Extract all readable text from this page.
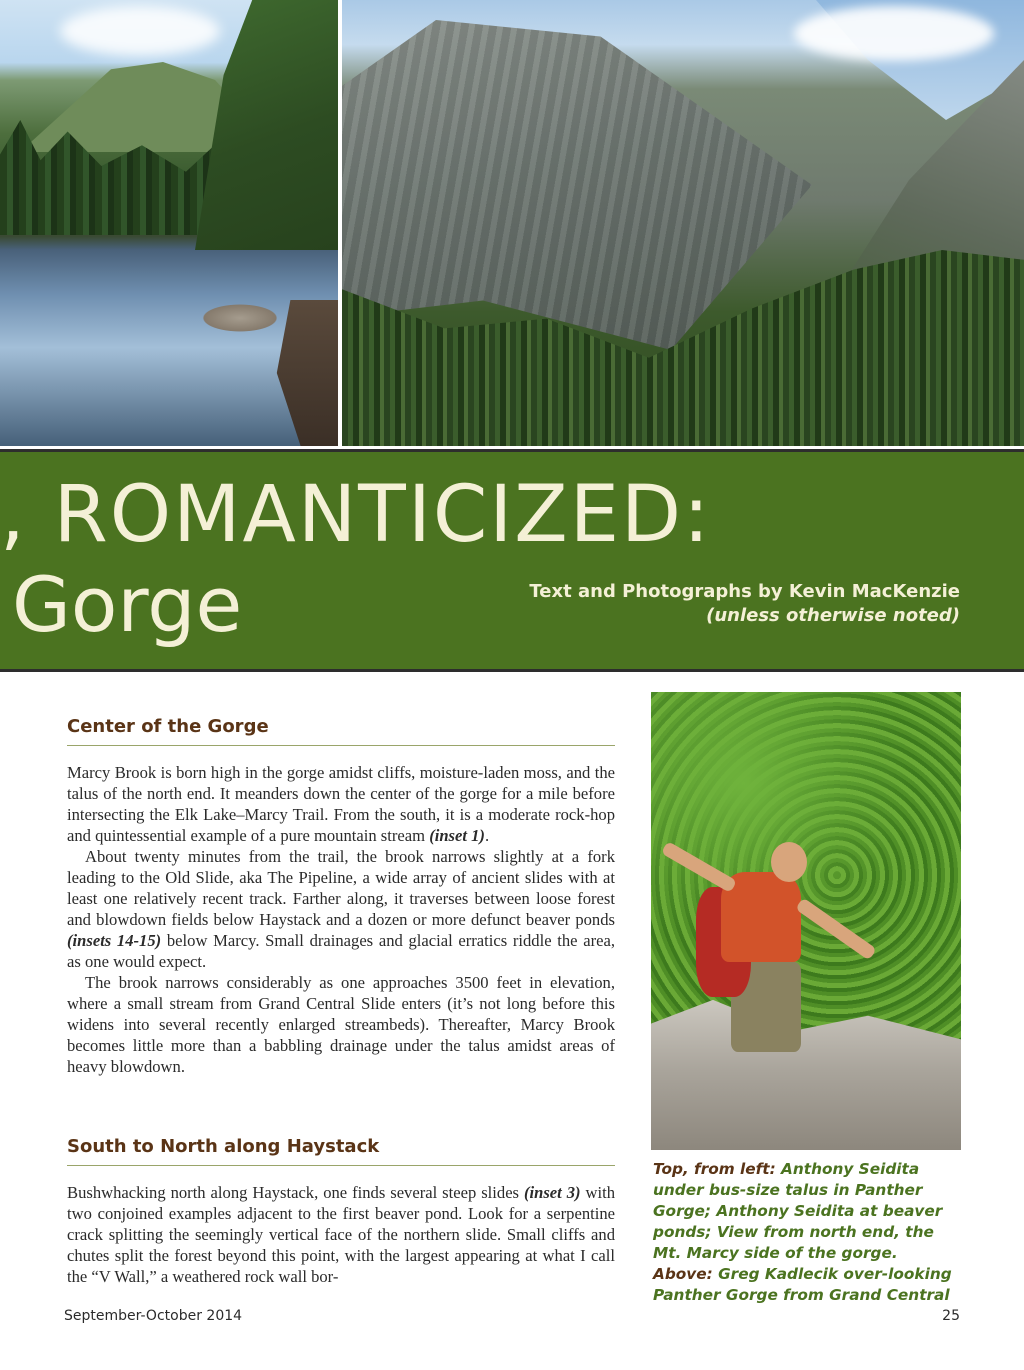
, ROMANTICIZED:
Gorge	Text and Photographs by Kevin MacKenzie
(unless otherwise noted)
Center of the Gorge

Marcy Brook is born high in the gorge amidst cliffs, moisture-laden moss, and the talus of the north end. It meanders down the center of the gorge for a mile before intersecting the Elk Lake–Marcy Trail. From the south, it is a moderate rock-hop and quintessential example of a pure mountain stream (inset 1).

About twenty minutes from the trail, the brook narrows slightly at a fork leading to the Old Slide, aka The Pipeline, a wide array of ancient slides with at least one relatively recent track. Farther along, it traverses between loose forest and blowdown fields below Haystack and a dozen or more defunct beaver ponds (insets 14-15) below Marcy. Small drainages and glacial erratics riddle the area, as one would expect.

The brook narrows considerably as one approaches 3500 feet in elevation, where a small stream from Grand Central Slide enters (it’s not long before this widens into several recently enlarged streambeds). Thereafter, Marcy Brook becomes little more than a babbling drainage under the talus amidst areas of heavy blowdown.

South to North along Haystack

Bushwhacking north along Haystack, one finds several steep slides (inset 3) with two conjoined examples adjacent to the first beaver pond. Look for a serpentine crack splitting the seemingly vertical face of the northern slide. Small cliffs and chutes split the forest beyond this point, with the largest appearing at what I call the “V Wall,” a weathered rock wall bor-

Top, from left: Anthony Seidita under bus-size talus in Panther Gorge; Anthony Seidita at beaver ponds; View from north end, the Mt. Marcy side of the gorge. Above: Greg Kadlecik over-looking Panther Gorge from Grand Central
September-October 2014	25
